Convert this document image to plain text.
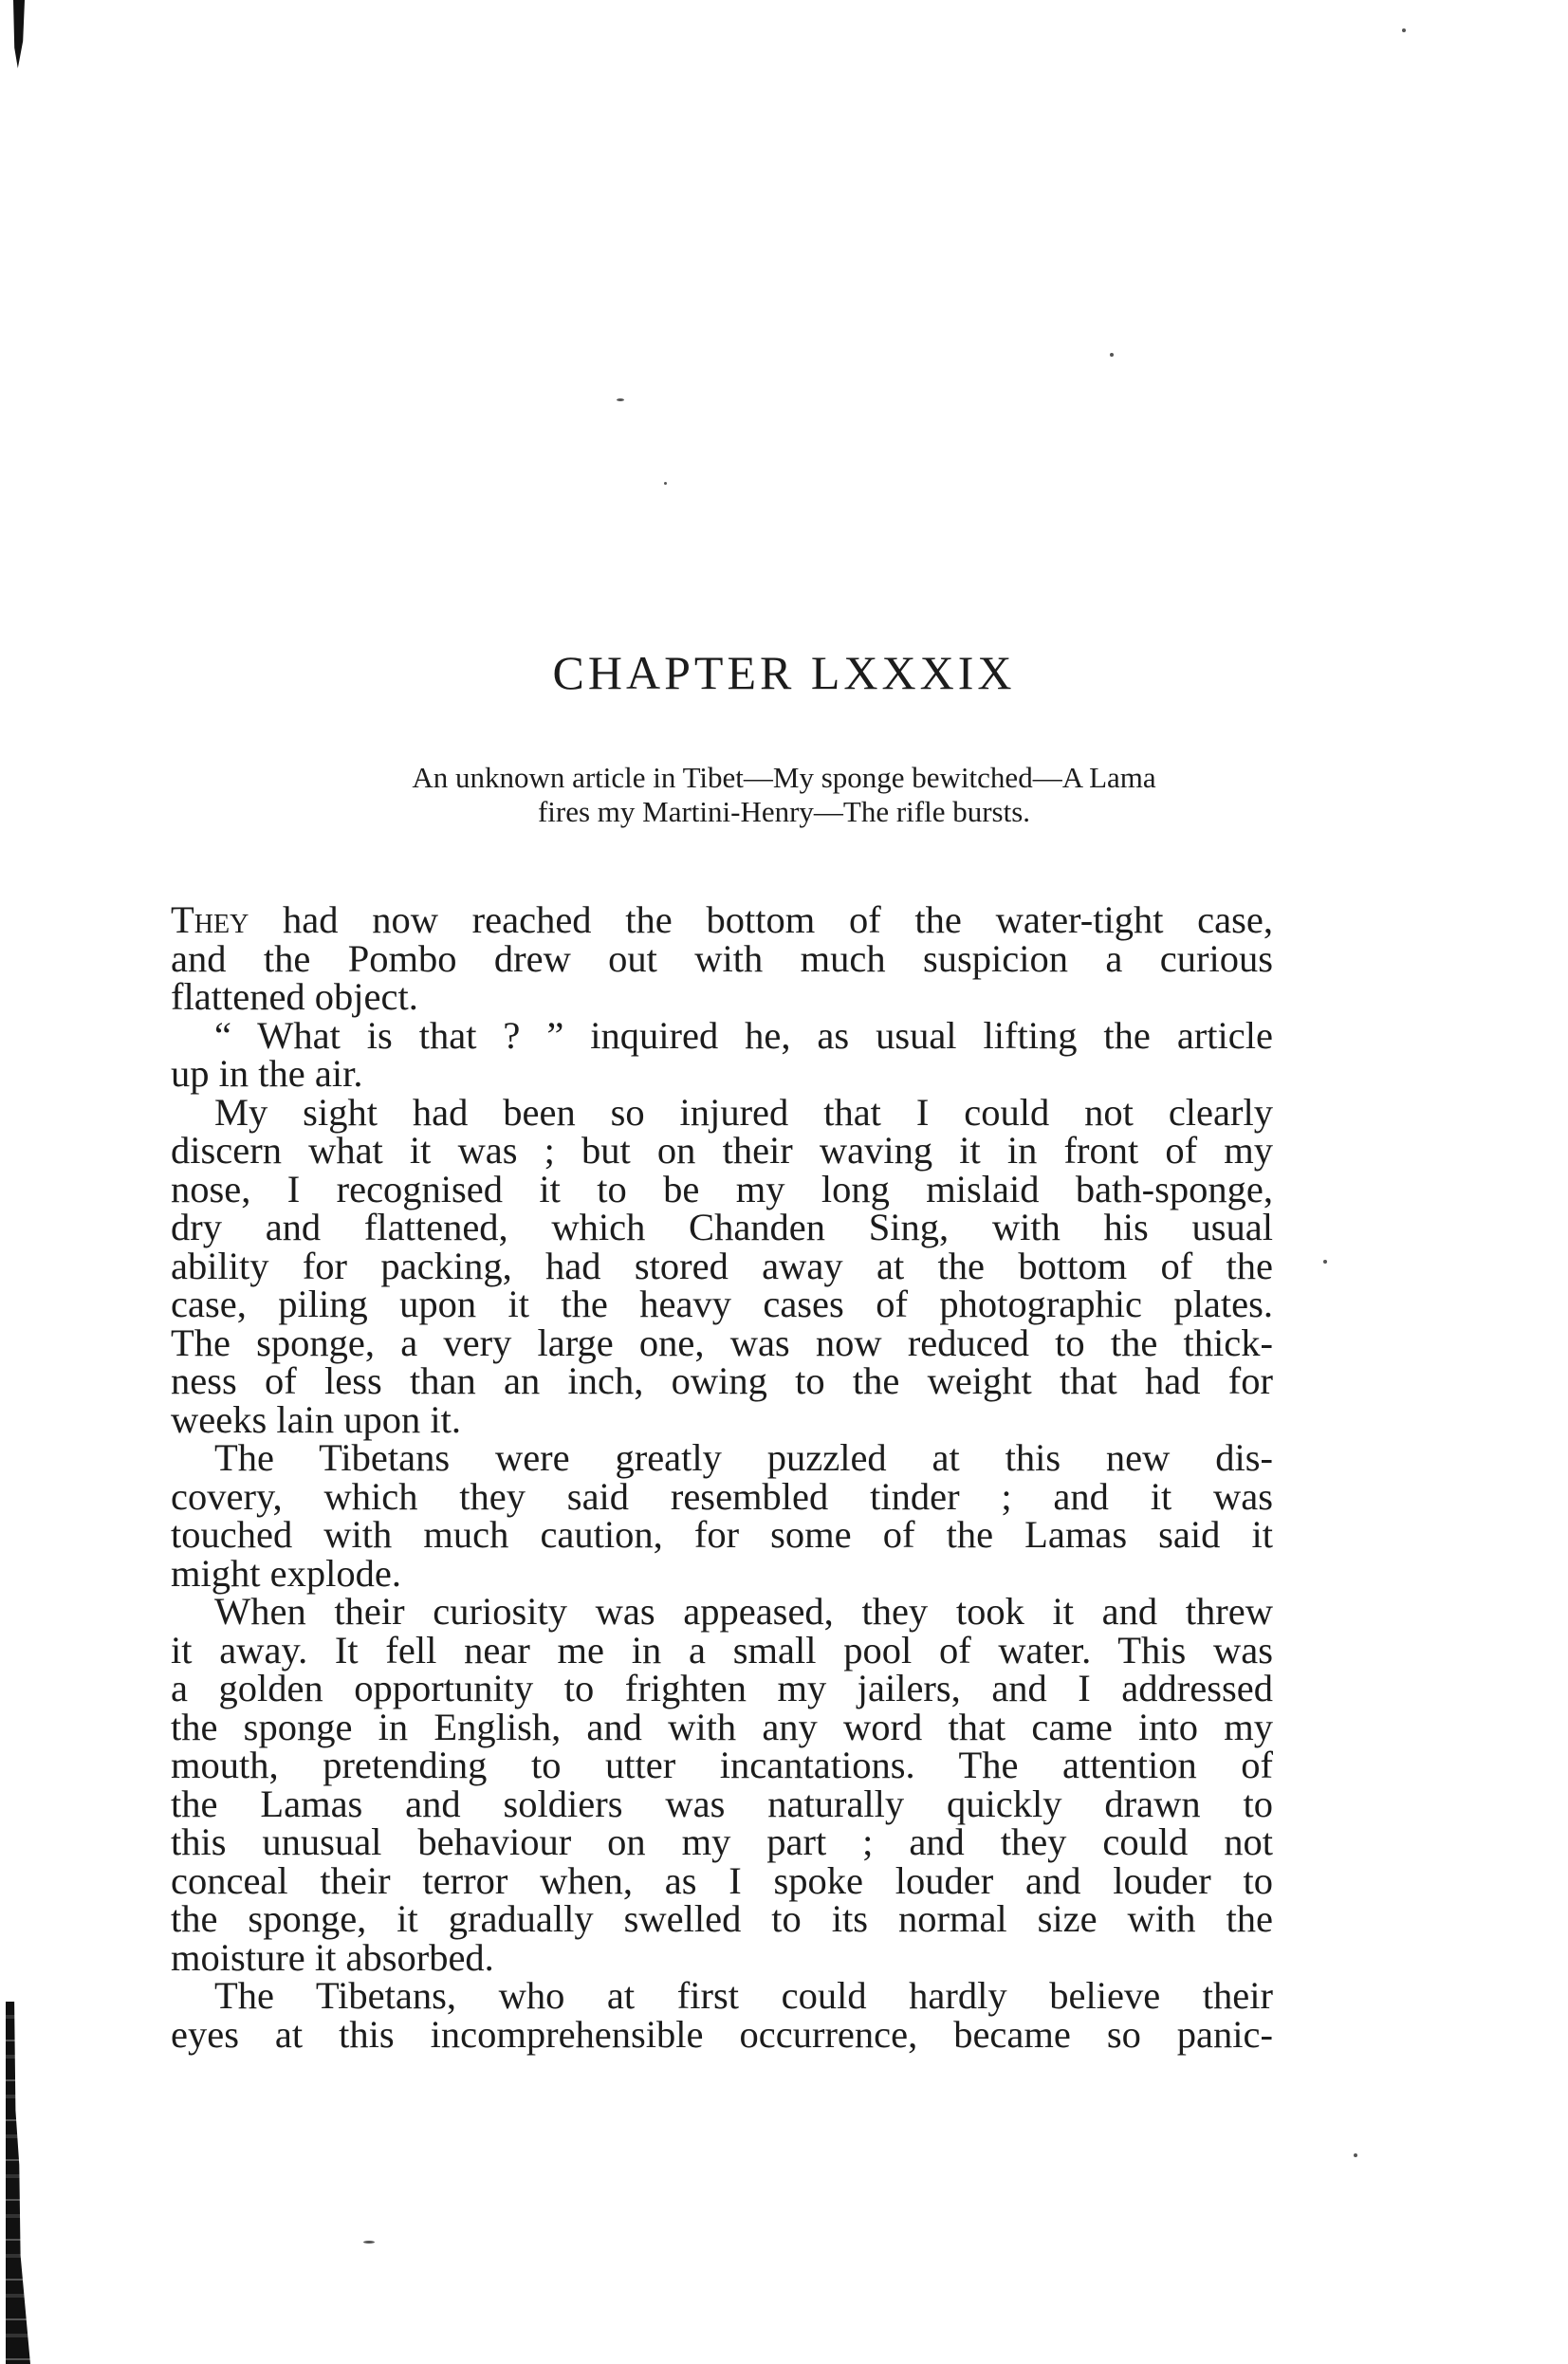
CHAPTER LXXXIX
An unknown article in Tibet—My sponge bewitched—A Lama
fires my Martini-Henry—The rifle bursts.
They had now reached the bottom of the water-tight case,
and the Pombo drew out with much suspicion a curious
flattened object.
“ What is that ? ” inquired he, as usual lifting the article
up in the air.
My sight had been so injured that I could not clearly
discern what it was ; but on their waving it in front of my
nose, I recognised it to be my long mislaid bath-sponge,
dry and flattened, which Chanden Sing, with his usual
ability for packing, had stored away at the bottom of the
case, piling upon it the heavy cases of photographic plates.
The sponge, a very large one, was now reduced to the thick-
ness of less than an inch, owing to the weight that had for
weeks lain upon it.
The Tibetans were greatly puzzled at this new dis-
covery, which they said resembled tinder ; and it was
touched with much caution, for some of the Lamas said it
might explode.
When their curiosity was appeased, they took it and threw
it away. It fell near me in a small pool of water. This was
a golden opportunity to frighten my jailers, and I addressed
the sponge in English, and with any word that came into my
mouth, pretending to utter incantations. The attention of
the Lamas and soldiers was naturally quickly drawn to
this unusual behaviour on my part ; and they could not
conceal their terror when, as I spoke louder and louder to
the sponge, it gradually swelled to its normal size with the
moisture it absorbed.
The Tibetans, who at first could hardly believe their
eyes at this incomprehensible occurrence, became so panic-
